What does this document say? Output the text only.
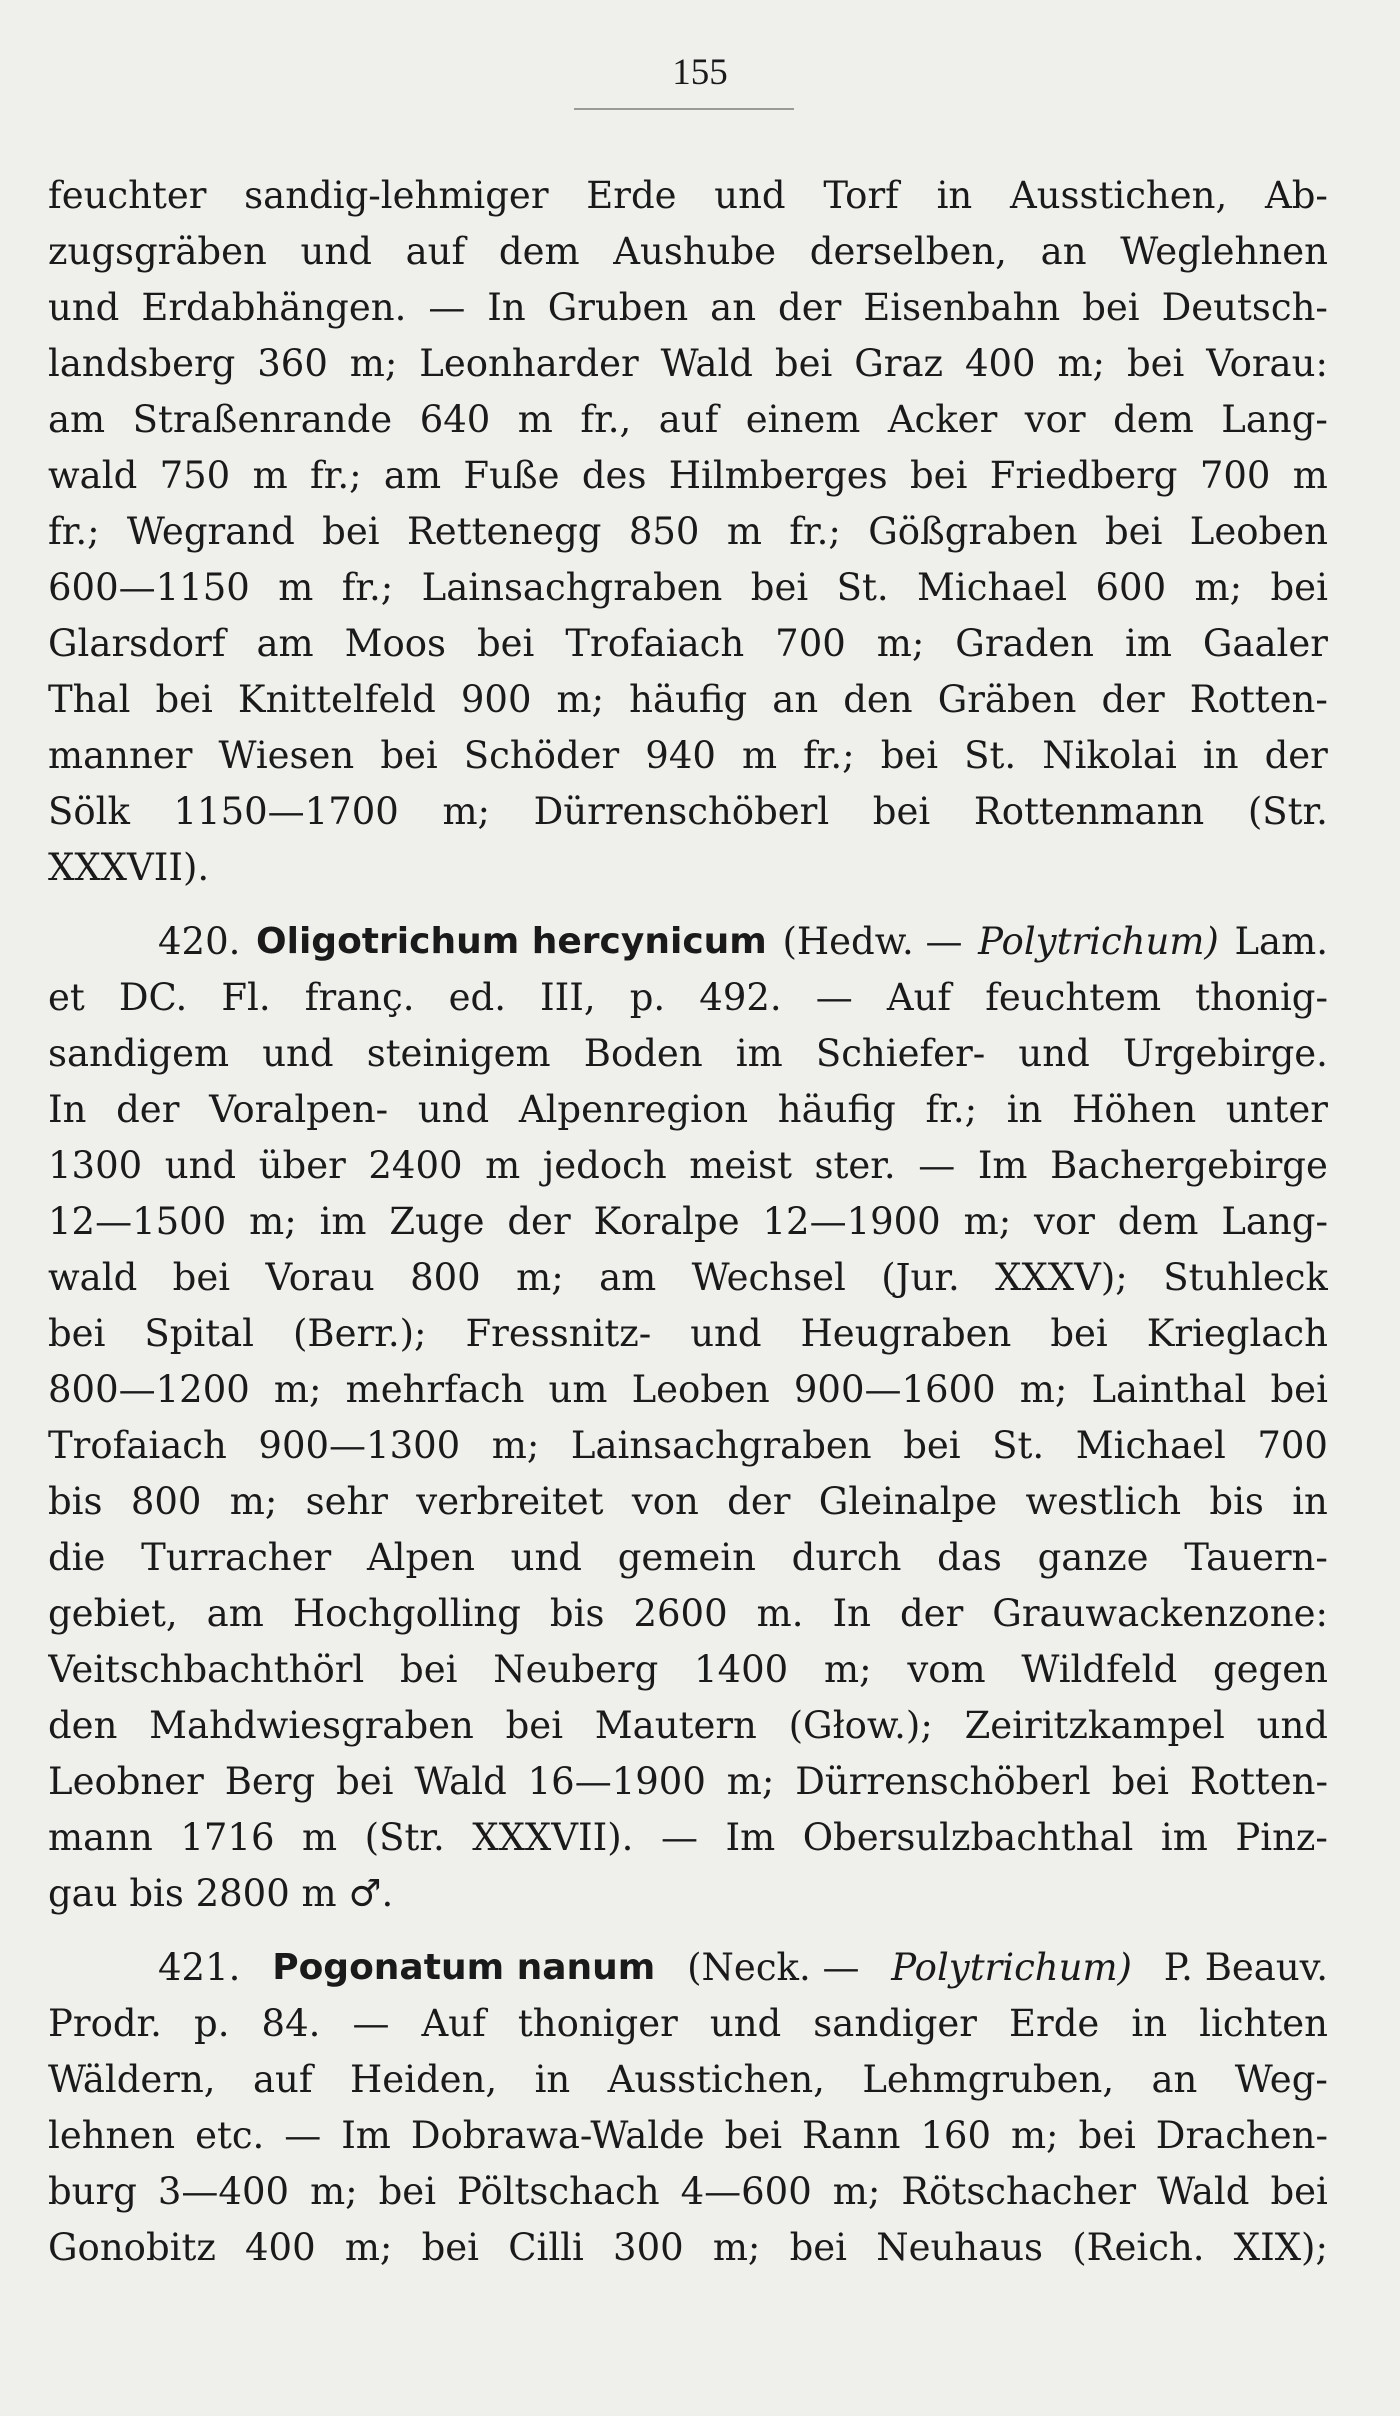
155
feuchter sandig-lehmiger Erde und Torf in Ausstichen, Ab-
zugsgräben und auf dem Aushube derselben, an Weglehnen
und Erdabhängen. — In Gruben an der Eisenbahn bei Deutsch-
landsberg 360 m; Leonharder Wald bei Graz 400 m; bei Vorau:
am Straßenrande 640 m fr., auf einem Acker vor dem Lang-
wald 750 m fr.; am Fuße des Hilmberges bei Friedberg 700 m
fr.; Wegrand bei Rettenegg 850 m fr.; Gößgraben bei Leoben
600—1150 m fr.; Lainsachgraben bei St. Michael 600 m; bei
Glarsdorf am Moos bei Trofaiach 700 m; Graden im Gaaler
Thal bei Knittelfeld 900 m; häufig an den Gräben der Rotten-
manner Wiesen bei Schöder 940 m fr.; bei St. Nikolai in der
Sölk 1150—1700 m; Dürrenschöberl bei Rottenmann (Str.
XXXVII).
420. Oligotrichum hercynicum (Hedw. — Polytrichum) Lam.
et DC. Fl. franç. ed. III, p. 492. — Auf feuchtem thonig-
sandigem und steinigem Boden im Schiefer- und Urgebirge.
In der Voralpen- und Alpenregion häufig fr.; in Höhen unter
1300 und über 2400 m jedoch meist ster. — Im Bachergebirge
12—1500 m; im Zuge der Koralpe 12—1900 m; vor dem Lang-
wald bei Vorau 800 m; am Wechsel (Jur. XXXV); Stuhleck
bei Spital (Berr.); Fressnitz- und Heugraben bei Krieglach
800—1200 m; mehrfach um Leoben 900—1600 m; Lainthal bei
Trofaiach 900—1300 m; Lainsachgraben bei St. Michael 700
bis 800 m; sehr verbreitet von der Gleinalpe westlich bis in
die Turracher Alpen und gemein durch das ganze Tauern-
gebiet, am Hochgolling bis 2600 m. In der Grauwackenzone:
Veitschbachthörl bei Neuberg 1400 m; vom Wildfeld gegen
den Mahdwiesgraben bei Mautern (Głow.); Zeiritzkampel und
Leobner Berg bei Wald 16—1900 m; Dürrenschöberl bei Rotten-
mann 1716 m (Str. XXXVII). — Im Obersulzbachthal im Pinz-
gau bis 2800 m ♂.
421. Pogonatum nanum (Neck. — Polytrichum) P. Beauv.
Prodr. p. 84. — Auf thoniger und sandiger Erde in lichten
Wäldern, auf Heiden, in Ausstichen, Lehmgruben, an Weg-
lehnen etc. — Im Dobrawa-Walde bei Rann 160 m; bei Drachen-
burg 3—400 m; bei Pöltschach 4—600 m; Rötschacher Wald bei
Gonobitz 400 m; bei Cilli 300 m; bei Neuhaus (Reich. XIX);
